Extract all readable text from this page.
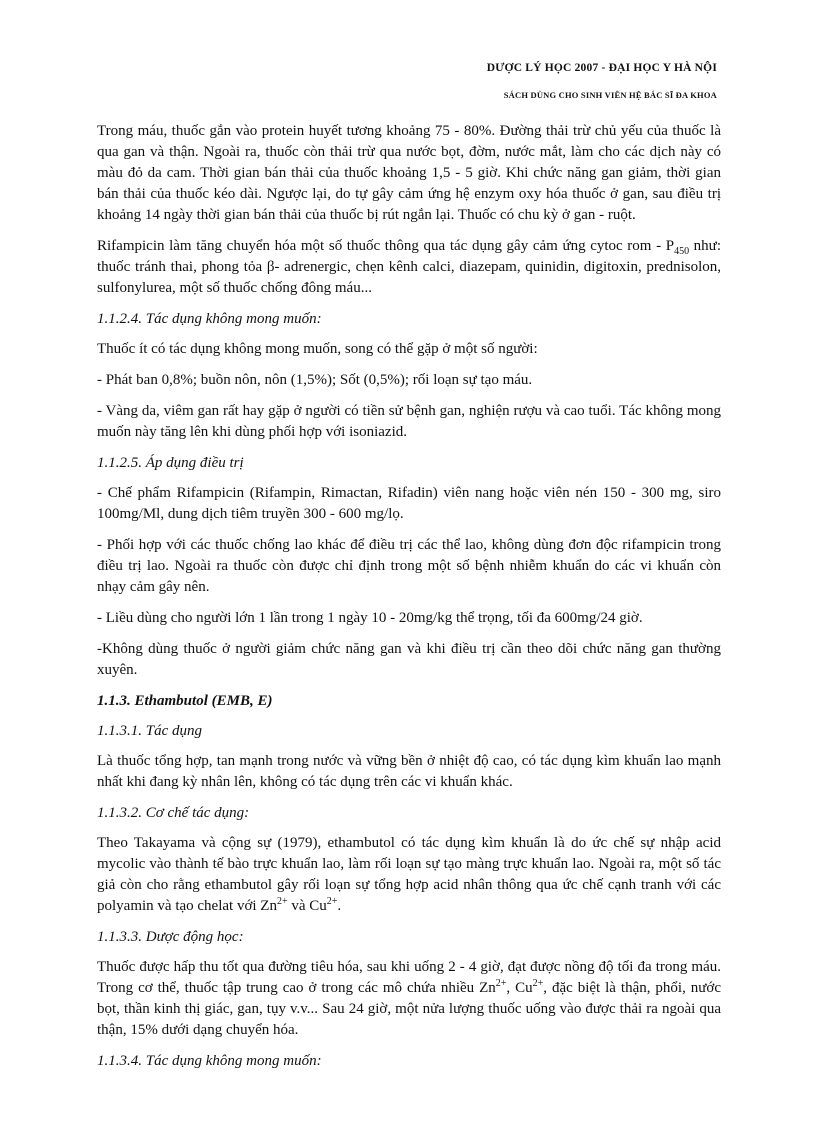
DƯỢC LÝ HỌC 2007 - ĐẠI HỌC Y HÀ NỘI
SÁCH DÙNG CHO SINH VIÊN HỆ BÁC SĨ ĐA KHOA

Trong máu, thuốc gắn vào protein huyết tương khoảng 75 - 80%. Đường thải trừ chủ yếu của thuốc là qua gan và thận. Ngoài ra, thuốc còn thải trừ qua nước bọt, đờm, nước mắt, làm cho các dịch này có màu đỏ da cam. Thời gian bán thải của thuốc khoảng 1,5 - 5 giờ. Khi chức năng gan giảm, thời gian bán thải của thuốc kéo dài. Ngược lại, do tự gây cảm ứng hệ enzym oxy hóa thuốc ở gan, sau điều trị khoảng 14 ngày thời gian bán thải của thuốc bị rút ngắn lại. Thuốc có chu kỳ ở gan - ruột.

Rifampicin làm tăng chuyển hóa một số thuốc thông qua tác dụng gây cảm ứng cytoc rom - $P_{450}$ như: thuốc tránh thai, phong tỏa β- adrenergic, chẹn kênh calci, diazepam, quinidin, digitoxin, prednisolon, sulfonylurea, một số thuốc chống đông máu...

1.1.2.4. Tác dụng không mong muốn:

Thuốc ít có tác dụng không mong muốn, song có thể gặp ở một số người:

- Phát ban 0,8%; buồn nôn, nôn (1,5%); Sốt (0,5%); rối loạn sự tạo máu.

- Vàng da, viêm gan rất hay gặp ở người có tiền sử bệnh gan, nghiện rượu và cao tuổi. Tác không mong muốn này tăng lên khi dùng phối hợp với isoniazid.

1.1.2.5. Áp dụng điều trị

- Chế phẩm Rifampicin (Rifampin, Rimactan, Rifadin) viên nang hoặc viên nén 150 - 300 mg, siro 100mg/Ml, dung dịch tiêm truyền 300 - 600 mg/lọ.

- Phối hợp với các thuốc chống lao khác để điều trị các thể lao, không dùng đơn độc rifampicin trong điều trị lao. Ngoài ra thuốc còn được chỉ định trong một số bệnh nhiễm khuẩn do các vi khuẩn còn nhạy cảm gây nên.

- Liều dùng cho người lớn 1 lần trong 1 ngày 10 - 20mg/kg thể trọng, tối đa 600mg/24 giờ.

-Không dùng thuốc ở người giảm chức năng gan và khi điều trị cần theo dõi chức năng gan thường xuyên.

1.1.3. Ethambutol (EMB, E)

1.1.3.1. Tác dụng

Là thuốc tổng hợp, tan mạnh trong nước và vững bền ở nhiệt độ cao, có tác dụng kìm khuẩn lao mạnh nhất khi đang kỳ nhân lên, không có tác dụng trên các vi khuẩn khác.

1.1.3.2. Cơ chế tác dụng:

Theo Takayama và cộng sự (1979), ethambutol có tác dụng kìm khuẩn là do ức chế sự nhập acid mycolic vào thành tế bào trực khuẩn lao, làm rối loạn sự tạo màng trực khuẩn lao. Ngoài ra, một số tác giả còn cho rằng ethambutol gây rối loạn sự tổng hợp acid nhân thông qua ức chế cạnh tranh với các polyamin và tạo chelat với $Zn^{2+}$ và $Cu^{2+}$.

1.1.3.3. Dược động học:

Thuốc được hấp thu tốt qua đường tiêu hóa, sau khi uống 2 - 4 giờ, đạt được nồng độ tối đa trong máu. Trong cơ thể, thuốc tập trung cao ở trong các mô chứa nhiều $Zn^{2+}$, $Cu^{2+}$, đặc biệt là thận, phổi, nước bọt, thần kinh thị giác, gan, tụy v.v... Sau 24 giờ, một nửa lượng thuốc uống vào được thải ra ngoài qua thận, 15% dưới dạng chuyển hóa.

1.1.3.4. Tác dụng không mong muốn:
